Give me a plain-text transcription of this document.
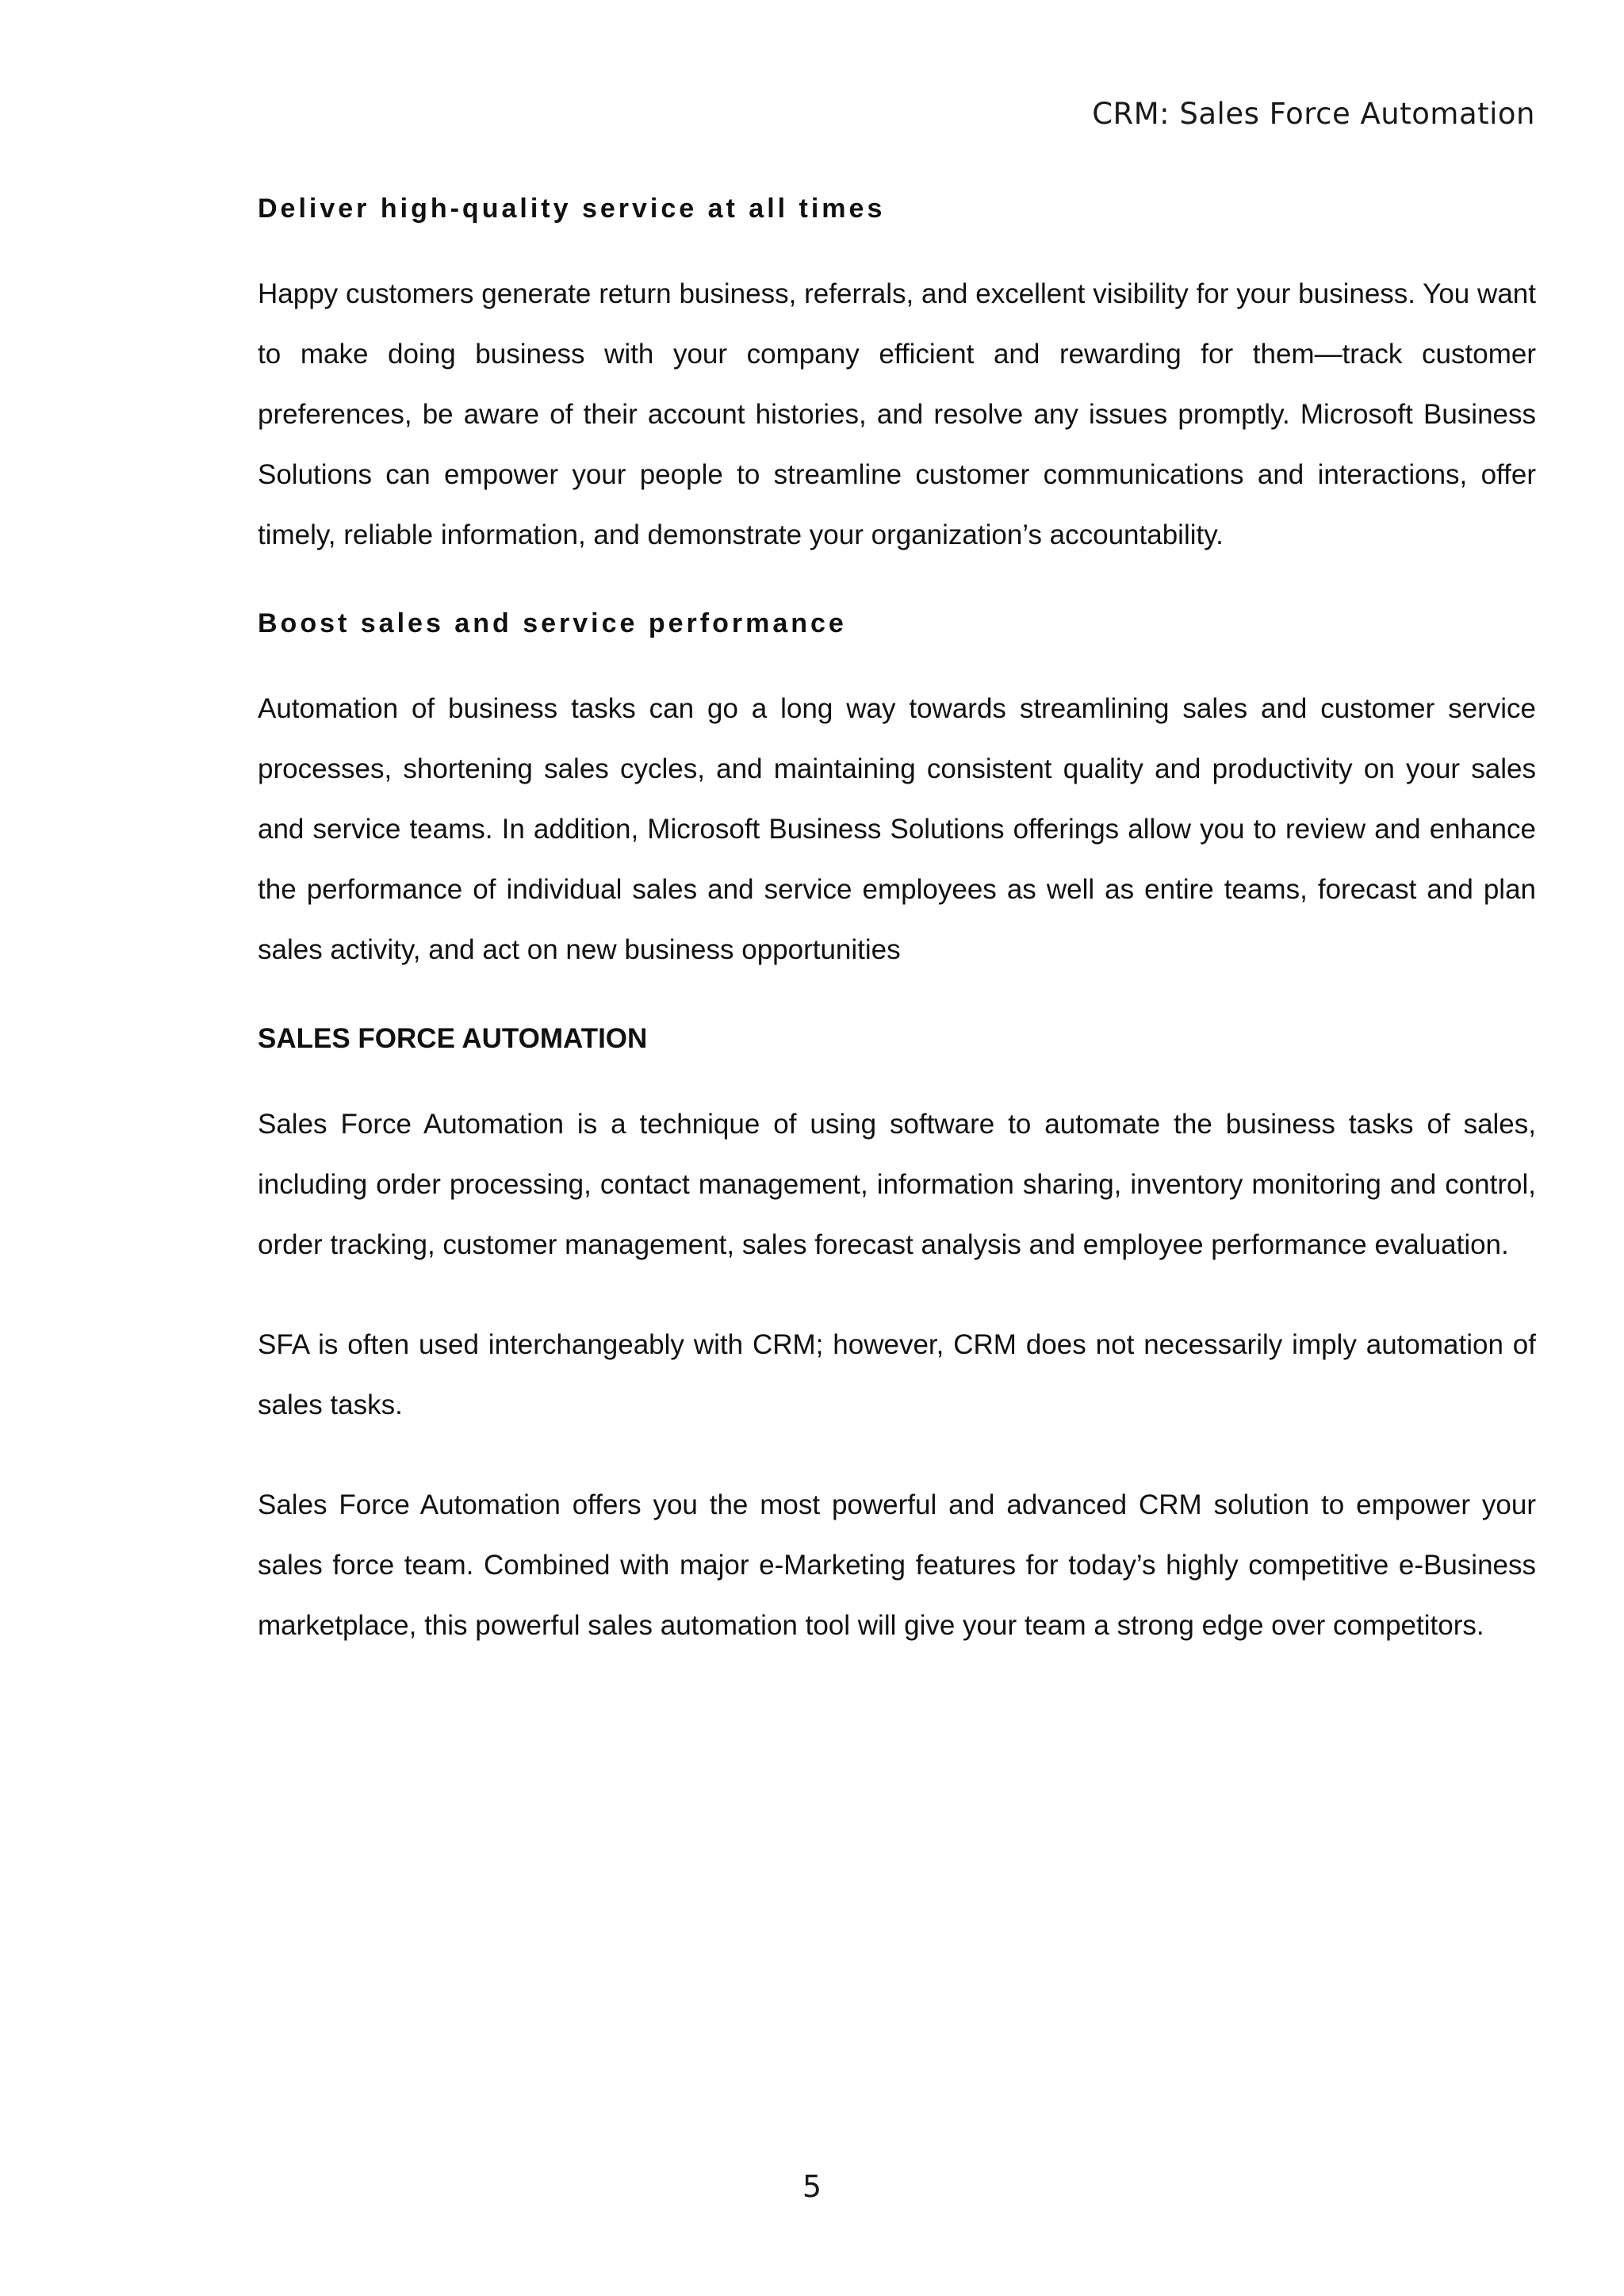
CRM: Sales Force Automation
Deliver high-quality service at all times

Happy customers generate return business, referrals, and excellent visibility for your business. You want to make doing business with your company efficient and rewarding for them—track customer preferences, be aware of their account histories, and resolve any issues promptly. Microsoft Business Solutions can empower your people to streamline customer communications and interactions, offer timely, reliable information, and demonstrate your organization’s accountability.

Boost sales and service performance

Automation of business tasks can go a long way towards streamlining sales and customer service processes, shortening sales cycles, and maintaining consistent quality and productivity on your sales and service teams. In addition, Microsoft Business Solutions offerings allow you to review and enhance the performance of individual sales and service employees as well as entire teams, forecast and plan sales activity, and act on new business opportunities

SALES FORCE AUTOMATION

Sales Force Automation is a technique of using software to automate the business tasks of sales, including order processing, contact management, information sharing, inventory monitoring and control, order tracking, customer management, sales forecast analysis and employee performance evaluation.

SFA is often used interchangeably with CRM; however, CRM does not necessarily imply automation of sales tasks.

Sales Force Automation offers you the most powerful and advanced CRM solution to empower your sales force team. Combined with major e-Marketing features for today’s highly competitive e-Business marketplace, this powerful sales automation tool will give your team a strong edge over competitors.

5
